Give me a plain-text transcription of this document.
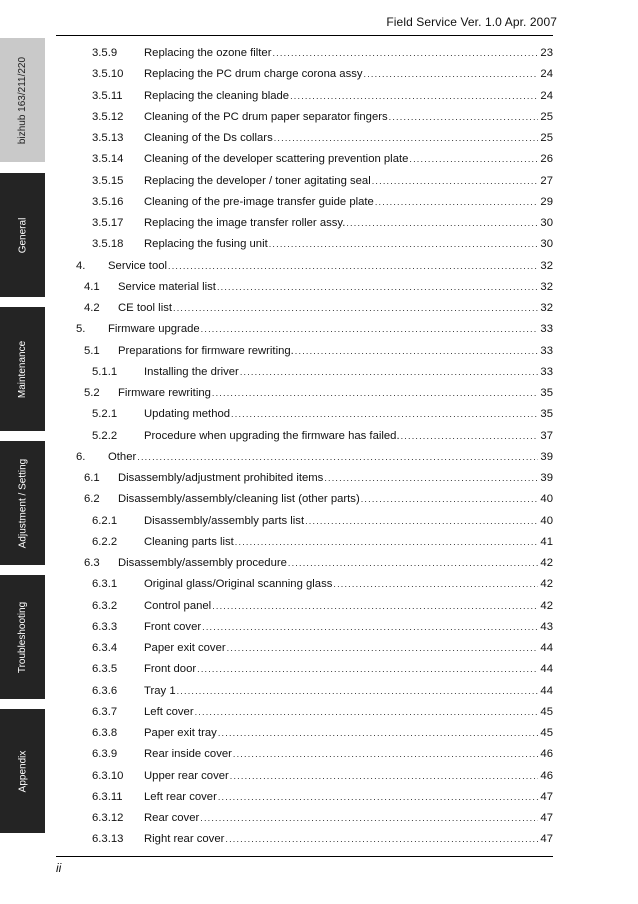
Field Service Ver. 1.0 Apr. 2007
bizhub 163/211/220
General
Maintenance
Adjustment / Setting
Troubleshooting
Appendix
3.5.9 Replacing the ozone filter .....	23
3.5.10 Replacing the PC drum charge corona assy .....	24
3.5.11 Replacing the cleaning blade .....	24
3.5.12 Cleaning of the PC drum paper separator fingers .....	25
3.5.13 Cleaning of the Ds collars .....	25
3.5.14 Cleaning of the developer scattering prevention plate .....	26
3.5.15 Replacing the developer / toner agitating seal .....	27
3.5.16 Cleaning of the pre-image transfer guide plate .....	29
3.5.17 Replacing the image transfer roller assy. .....	30
3.5.18 Replacing the fusing unit .....	30
4. Service tool .....	32
4.1 Service material list .....	32
4.2 CE tool list .....	32
5. Firmware upgrade .....	33
5.1 Preparations for firmware rewriting. .....	33
5.1.1 Installing the driver .....	33
5.2 Firmware rewriting .....	35
5.2.1 Updating method .....	35
5.2.2 Procedure when upgrading the firmware has failed. .....	37
6. Other .....	39
6.1 Disassembly/adjustment prohibited items .....	39
6.2 Disassembly/assembly/cleaning list (other parts) .....	40
6.2.1 Disassembly/assembly parts list .....	40
6.2.2 Cleaning parts list .....	41
6.3 Disassembly/assembly procedure .....	42
6.3.1 Original glass/Original scanning glass .....	42
6.3.2 Control panel .....	42
6.3.3 Front cover .....	43
6.3.4 Paper exit cover .....	44
6.3.5 Front door .....	44
6.3.6 Tray 1 .....	44
6.3.7 Left cover .....	45
6.3.8 Paper exit tray .....	45
6.3.9 Rear inside cover .....	46
6.3.10 Upper rear cover .....	46
6.3.11 Left rear cover .....	47
6.3.12 Rear cover .....	47
6.3.13 Right rear cover .....	47
ii
